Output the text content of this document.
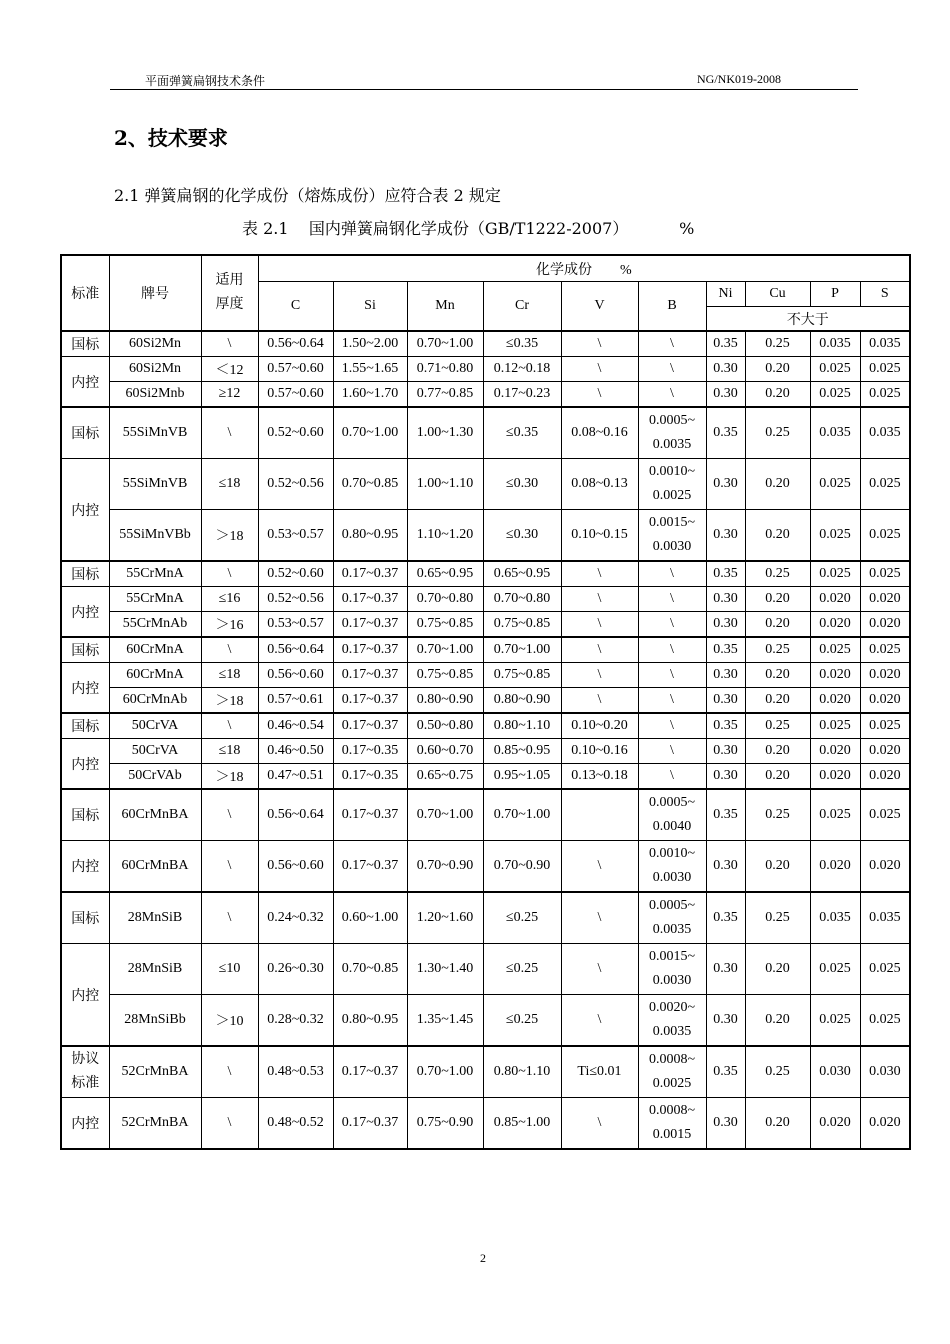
平面弹簧扁钢技术条件	NG/NK019-2008
2、技术要求
2.1 弹簧扁钢的化学成份（熔炼成份）应符合表 2 规定
表 2.1    国内弹簧扁钢化学成份（GB/T1222-2007）          %
标准	牌号	适用厚度	化学成份        %									
			C	Si	Mn	Cr	V	B	Ni	Cu	P	S
									不大于			
国标	60Si2Mn	\	0.56~0.64	1.50~2.00	0.70~1.00	≤0.35	\	\	0.35	0.25	0.035	0.035
内控	60Si2Mn	＜12	0.57~0.60	1.55~1.65	0.71~0.80	0.12~0.18	\	\	0.30	0.20	0.025	0.025
	60Si2Mnb	≥12	0.57~0.60	1.60~1.70	0.77~0.85	0.17~0.23	\	\	0.30	0.20	0.025	0.025
国标	55SiMnVB	\	0.52~0.60	0.70~1.00	1.00~1.30	≤0.35	0.08~0.16	0.0005~
0.0035	0.35	0.25	0.035	0.035
内控	55SiMnVB	≤18	0.52~0.56	0.70~0.85	1.00~1.10	≤0.30	0.08~0.13	0.0010~
0.0025	0.30	0.20	0.025	0.025
	55SiMnVBb	＞18	0.53~0.57	0.80~0.95	1.10~1.20	≤0.30	0.10~0.15	0.0015~
0.0030	0.30	0.20	0.025	0.025
国标	55CrMnA	\	0.52~0.60	0.17~0.37	0.65~0.95	0.65~0.95	\	\	0.35	0.25	0.025	0.025
内控	55CrMnA	≤16	0.52~0.56	0.17~0.37	0.70~0.80	0.70~0.80	\	\	0.30	0.20	0.020	0.020
	55CrMnAb	＞16	0.53~0.57	0.17~0.37	0.75~0.85	0.75~0.85	\	\	0.30	0.20	0.020	0.020
国标	60CrMnA	\	0.56~0.64	0.17~0.37	0.70~1.00	0.70~1.00	\	\	0.35	0.25	0.025	0.025
内控	60CrMnA	≤18	0.56~0.60	0.17~0.37	0.75~0.85	0.75~0.85	\	\	0.30	0.20	0.020	0.020
	60CrMnAb	＞18	0.57~0.61	0.17~0.37	0.80~0.90	0.80~0.90	\	\	0.30	0.20	0.020	0.020
国标	50CrVA	\	0.46~0.54	0.17~0.37	0.50~0.80	0.80~1.10	0.10~0.20	\	0.35	0.25	0.025	0.025
内控	50CrVA	≤18	0.46~0.50	0.17~0.35	0.60~0.70	0.85~0.95	0.10~0.16	\	0.30	0.20	0.020	0.020
	50CrVAb	＞18	0.47~0.51	0.17~0.35	0.65~0.75	0.95~1.05	0.13~0.18	\	0.30	0.20	0.020	0.020
国标	60CrMnBA	\	0.56~0.64	0.17~0.37	0.70~1.00	0.70~1.00		0.0005~
0.0040	0.35	0.25	0.025	0.025
内控	60CrMnBA	\	0.56~0.60	0.17~0.37	0.70~0.90	0.70~0.90	\	0.0010~
0.0030	0.30	0.20	0.020	0.020
国标	28MnSiB	\	0.24~0.32	0.60~1.00	1.20~1.60	≤0.25	\	0.0005~
0.0035	0.35	0.25	0.035	0.035
内控	28MnSiB	≤10	0.26~0.30	0.70~0.85	1.30~1.40	≤0.25	\	0.0015~
0.0030	0.30	0.20	0.025	0.025
	28MnSiBb	＞10	0.28~0.32	0.80~0.95	1.35~1.45	≤0.25	\	0.0020~
0.0035	0.30	0.20	0.025	0.025
协议标准	52CrMnBA	\	0.48~0.53	0.17~0.37	0.70~1.00	0.80~1.10	Ti≤0.01	0.0008~
0.0025	0.35	0.25	0.030	0.030
内控	52CrMnBA	\	0.48~0.52	0.17~0.37	0.75~0.90	0.85~1.00	\	0.0008~
0.0015	0.30	0.20	0.020	0.020
2
